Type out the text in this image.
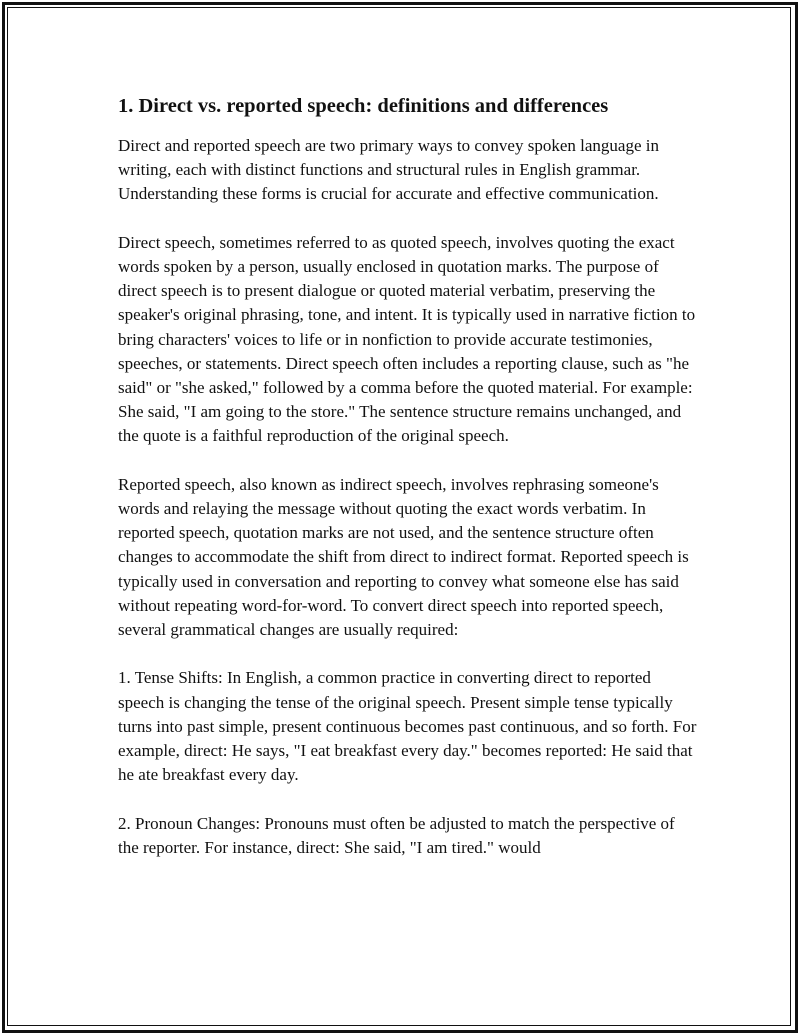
1. Direct vs. reported speech: definitions and differences

Direct and reported speech are two primary ways to convey spoken language in writing, each with distinct functions and structural rules in English grammar. Understanding these forms is crucial for accurate and effective communication.

Direct speech, sometimes referred to as quoted speech, involves quoting the exact words spoken by a person, usually enclosed in quotation marks. The purpose of direct speech is to present dialogue or quoted material verbatim, preserving the speaker's original phrasing, tone, and intent. It is typically used in narrative fiction to bring characters' voices to life or in nonfiction to provide accurate testimonies, speeches, or statements. Direct speech often includes a reporting clause, such as "he said" or "she asked," followed by a comma before the quoted material. For example: She said, "I am going to the store." The sentence structure remains unchanged, and the quote is a faithful reproduction of the original speech.

Reported speech, also known as indirect speech, involves rephrasing someone's words and relaying the message without quoting the exact words verbatim. In reported speech, quotation marks are not used, and the sentence structure often changes to accommodate the shift from direct to indirect format. Reported speech is typically used in conversation and reporting to convey what someone else has said without repeating word-for-word. To convert direct speech into reported speech, several grammatical changes are usually required:

1. Tense Shifts: In English, a common practice in converting direct to reported speech is changing the tense of the original speech. Present simple tense typically turns into past simple, present continuous becomes past continuous, and so forth. For example, direct: He says, "I eat breakfast every day." becomes reported: He said that he ate breakfast every day.

2. Pronoun Changes: Pronouns must often be adjusted to match the perspective of the reporter. For instance, direct: She said, "I am tired." would
